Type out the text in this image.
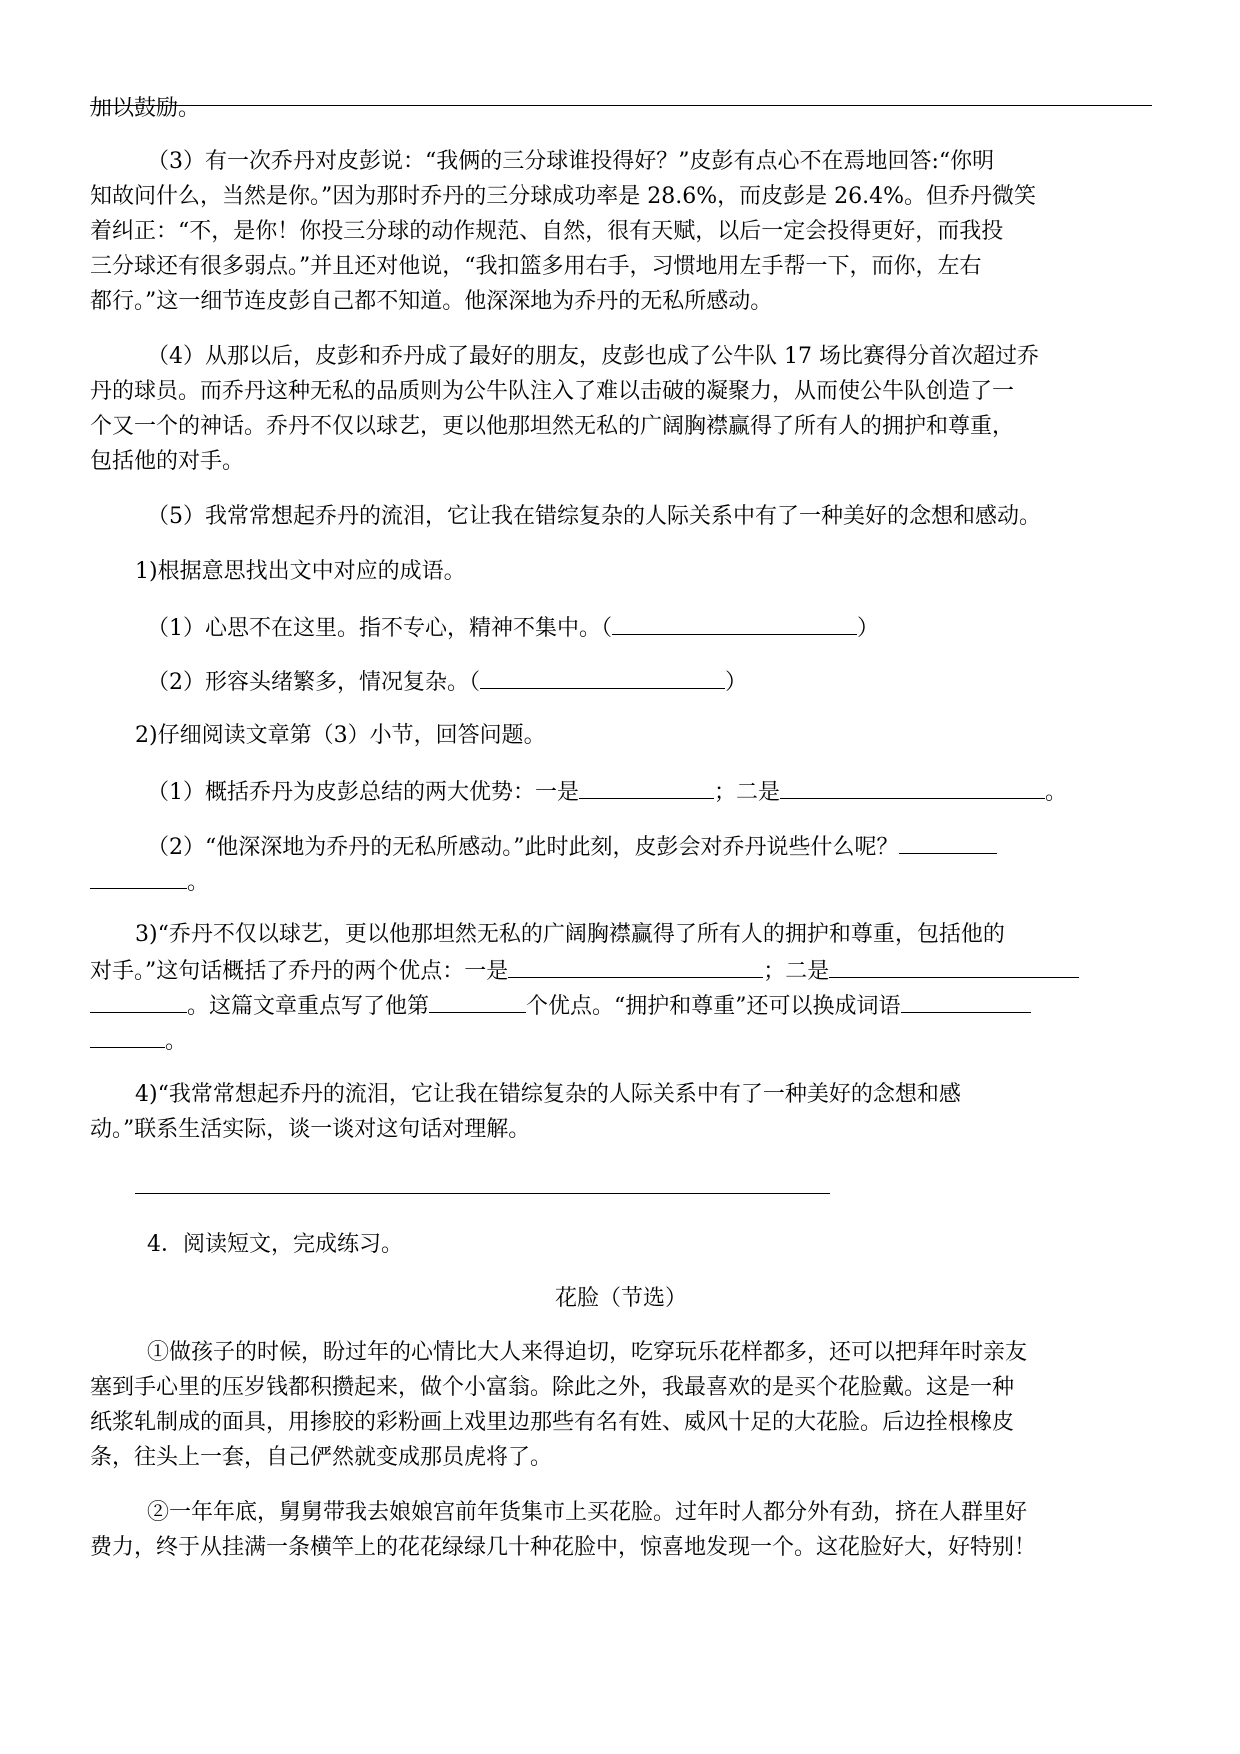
加以鼓励。
（3）有一次乔丹对皮彭说：“我俩的三分球谁投得好？”皮彭有点心不在焉地回答:“你明
知故问什么，当然是你。”因为那时乔丹的三分球成功率是 28.6%，而皮彭是 26.4%。但乔丹微笑
着纠正：“不，是你！你投三分球的动作规范、自然，很有天赋，以后一定会投得更好，而我投
三分球还有很多弱点。”并且还对他说，“我扣篮多用右手，习惯地用左手帮一下，而你，左右
都行。”这一细节连皮彭自己都不知道。他深深地为乔丹的无私所感动。
（4）从那以后，皮彭和乔丹成了最好的朋友，皮彭也成了公牛队 17 场比赛得分首次超过乔
丹的球员。而乔丹这种无私的品质则为公牛队注入了难以击破的凝聚力，从而使公牛队创造了一
个又一个的神话。乔丹不仅以球艺，更以他那坦然无私的广阔胸襟赢得了所有人的拥护和尊重，
包括他的对手。
（5）我常常想起乔丹的流泪，它让我在错综复杂的人际关系中有了一种美好的念想和感动。
1)根据意思找出文中对应的成语。
（1）心思不在这里。指不专心，精神不集中。（	）
（2）形容头绪繁多，情况复杂。（	）
2)仔细阅读文章第（3）小节，回答问题。
（1）概括乔丹为皮彭总结的两大优势：一是	；二是	。
（2）“他深深地为乔丹的无私所感动。”此时此刻，皮彭会对乔丹说些什么呢？
。
3)“乔丹不仅以球艺，更以他那坦然无私的广阔胸襟赢得了所有人的拥护和尊重，包括他的
对手。”这句话概括了乔丹的两个优点：一是	；二是
。这篇文章重点写了他第	个优点。“拥护和尊重”还可以换成词语
。
4)“我常常想起乔丹的流泪，它让我在错综复杂的人际关系中有了一种美好的念想和感
动。”联系生活实际，谈一谈对这句话对理解。
4．阅读短文，完成练习。
花脸（节选）
①做孩子的时候，盼过年的心情比大人来得迫切，吃穿玩乐花样都多，还可以把拜年时亲友
塞到手心里的压岁钱都积攒起来，做个小富翁。除此之外，我最喜欢的是买个花脸戴。这是一种
纸浆轧制成的面具，用掺胶的彩粉画上戏里边那些有名有姓、威风十足的大花脸。后边拴根橡皮
条，往头上一套，自己俨然就变成那员虎将了。
②一年年底，舅舅带我去娘娘宫前年货集市上买花脸。过年时人都分外有劲，挤在人群里好
费力，终于从挂满一条横竿上的花花绿绿几十种花脸中，惊喜地发现一个。这花脸好大，好特别！
